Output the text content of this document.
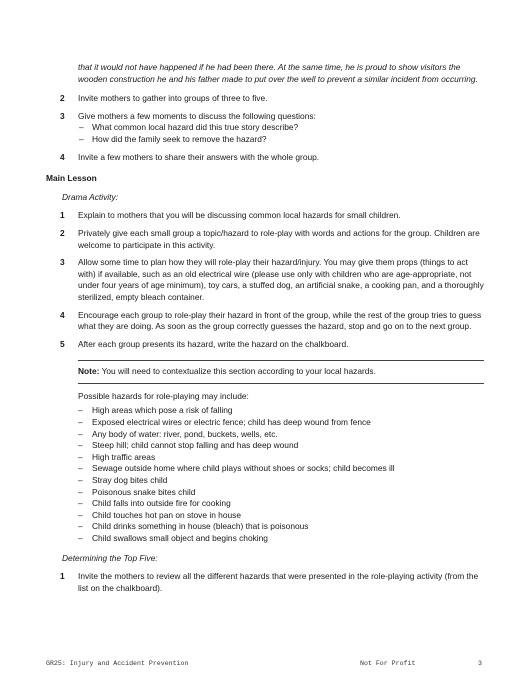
that it would not have happened if he had been there. At the same time, he is proud to show visitors the wooden construction he and his father made to put over the well to prevent a similar incident from occurring.
2 Invite mothers to gather into groups of three to five.
3 Give mothers a few moments to discuss the following questions:
– What common local hazard did this true story describe?
– How did the family seek to remove the hazard?
4 Invite a few mothers to share their answers with the whole group.
Main Lesson
Drama Activity:
1 Explain to mothers that you will be discussing common local hazards for small children.
2 Privately give each small group a topic/hazard to role-play with words and actions for the group. Children are welcome to participate in this activity.
3 Allow some time to plan how they will role-play their hazard/injury. You may give them props (things to act with) if available, such as an old electrical wire (please use only with children who are age-appropriate, not under four years of age minimum), toy cars, a stuffed dog, an artificial snake, a cooking pan, and a thoroughly sterilized, empty bleach container.
4 Encourage each group to role-play their hazard in front of the group, while the rest of the group tries to guess what they are doing. As soon as the group correctly guesses the hazard, stop and go on to the next group.
5 After each group presents its hazard, write the hazard on the chalkboard.
Note: You will need to contextualize this section according to your local hazards.
Possible hazards for role-playing may include:
– High areas which pose a risk of falling
– Exposed electrical wires or electric fence; child has deep wound from fence
– Any body of water: river, pond, buckets, wells, etc.
– Steep hill; child cannot stop falling and has deep wound
– High traffic areas
– Sewage outside home where child plays without shoes or socks; child becomes ill
– Stray dog bites child
– Poisonous snake bites child
– Child falls into outside fire for cooking
– Child touches hot pan on stove in house
– Child drinks something in house (bleach) that is poisonous
– Child swallows small object and begins choking
Determining the Top Five:
1 Invite the mothers to review all the different hazards that were presented in the role-playing activity (from the list on the chalkboard).
GR25: Injury and Accident Prevention	Not For Profit	3
